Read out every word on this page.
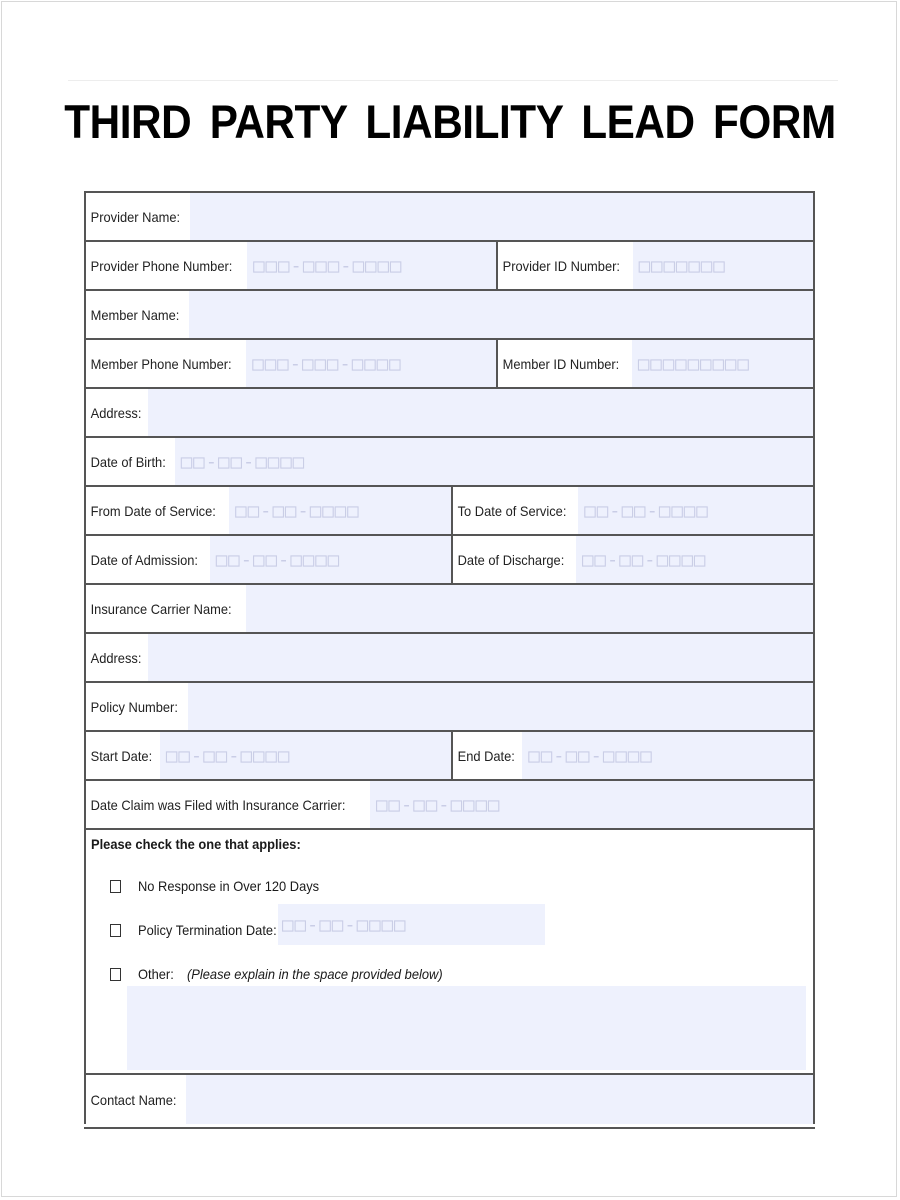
THIRD PARTY LIABILITY LEAD FORM
Provider Name:
Provider Phone Number:	□□□-□□□-□□□□	Provider ID Number: □□□□□□□
Member Name:
Member Phone Number:	□□□-□□□-□□□□	Member ID Number: □□□□□□□□□
Address:
Date of Birth: □□-□□-□□□□
From Date of Service:	□□-□□-□□□□	To Date of Service: □□-□□-□□□□
Date of Admission: □□-□□-□□□□	Date of Discharge: □□-□□-□□□□
Insurance Carrier Name:
Address:
Policy Number:
Start Date: □□-□□-□□□□	End Date: □□-□□-□□□□
Date Claim was Filed with Insurance Carrier:	□□-□□-□□□□
Please check the one that applies:
No Response in Over 120 Days
Policy Termination Date: □□-□□-□□□□
Other: (Please explain in the space provided below)
Contact Name:
